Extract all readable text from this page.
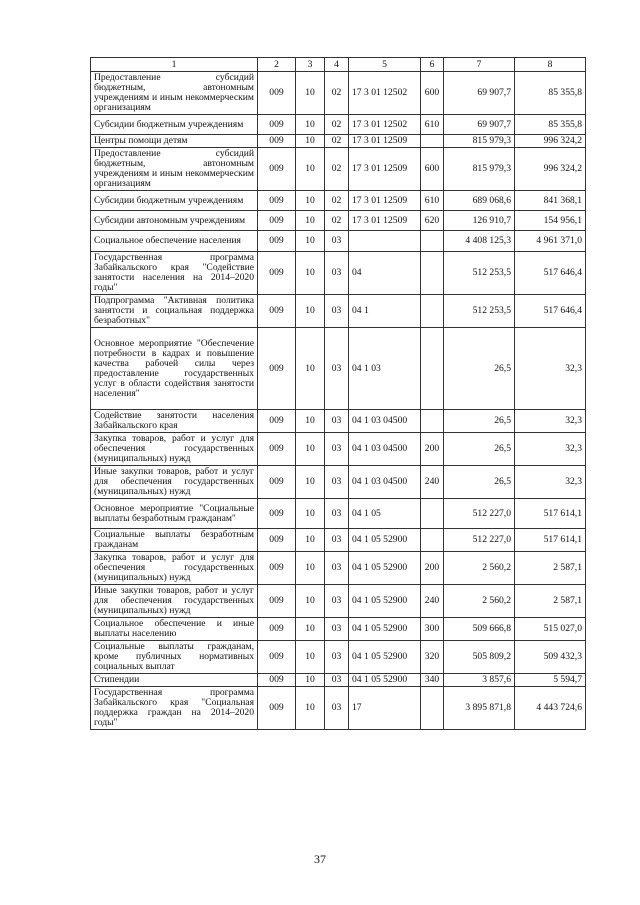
1	2	3	4	5	6	7	8
Предоставление субсидий бюджетным, автономным учреждениям и иным некоммерческим организациям	009	10	02	17 3 01 12502	600	69 907,7	85 355,8
Субсидии бюджетным учреждениям	009	10	02	17 3 01 12502	610	69 907,7	85 355,8
Центры помощи детям	009	10	02	17 3 01 12509		815 979,3	996 324,2
Предоставление субсидий бюджетным, автономным учреждениям и иным некоммерческим организациям	009	10	02	17 3 01 12509	600	815 979,3	996 324,2
Субсидии бюджетным учреждениям	009	10	02	17 3 01 12509	610	689 068,6	841 368,1
Субсидии автономным учреждениям	009	10	02	17 3 01 12509	620	126 910,7	154 956,1
Социальное обеспечение населения	009	10	03			4 408 125,3	4 961 371,0
Государственная программа Забайкальского края "Содействие занятости населения на 2014–2020 годы"	009	10	03	04		512 253,5	517 646,4
Подпрограмма "Активная политика занятости и социальная поддержка безработных"	009	10	03	04 1		512 253,5	517 646,4
Основное мероприятие "Обеспечение потребности в кадрах и повышение качества рабочей силы через предоставление государственных услуг в области содействия занятости населения"	009	10	03	04 1 03		26,5	32,3
Содействие занятости населения Забайкальского края	009	10	03	04 1 03 04500		26,5	32,3
Закупка товаров, работ и услуг для обеспечения государственных (муниципальных) нужд	009	10	03	04 1 03 04500	200	26,5	32,3
Иные закупки товаров, работ и услуг для обеспечения государственных (муниципальных) нужд	009	10	03	04 1 03 04500	240	26,5	32,3
Основное мероприятие "Социальные выплаты безработным гражданам"	009	10	03	04 1 05		512 227,0	517 614,1
Социальные выплаты безработным гражданам	009	10	03	04 1 05 52900		512 227,0	517 614,1
Закупка товаров, работ и услуг для обеспечения государственных (муниципальных) нужд	009	10	03	04 1 05 52900	200	2 560,2	2 587,1
Иные закупки товаров, работ и услуг для обеспечения государственных (муниципальных) нужд	009	10	03	04 1 05 52900	240	2 560,2	2 587,1
Социальное обеспечение и иные выплаты населению	009	10	03	04 1 05 52900	300	509 666,8	515 027,0
Социальные выплаты гражданам, кроме публичных нормативных социальных выплат	009	10	03	04 1 05 52900	320	505 809,2	509 432,3
Стипендии	009	10	03	04 1 05 52900	340	3 857,6	5 594,7
Государственная программа Забайкальского края "Социальная поддержка граждан на 2014–2020 годы"	009	10	03	17		3 895 871,8	4 443 724,6
37
